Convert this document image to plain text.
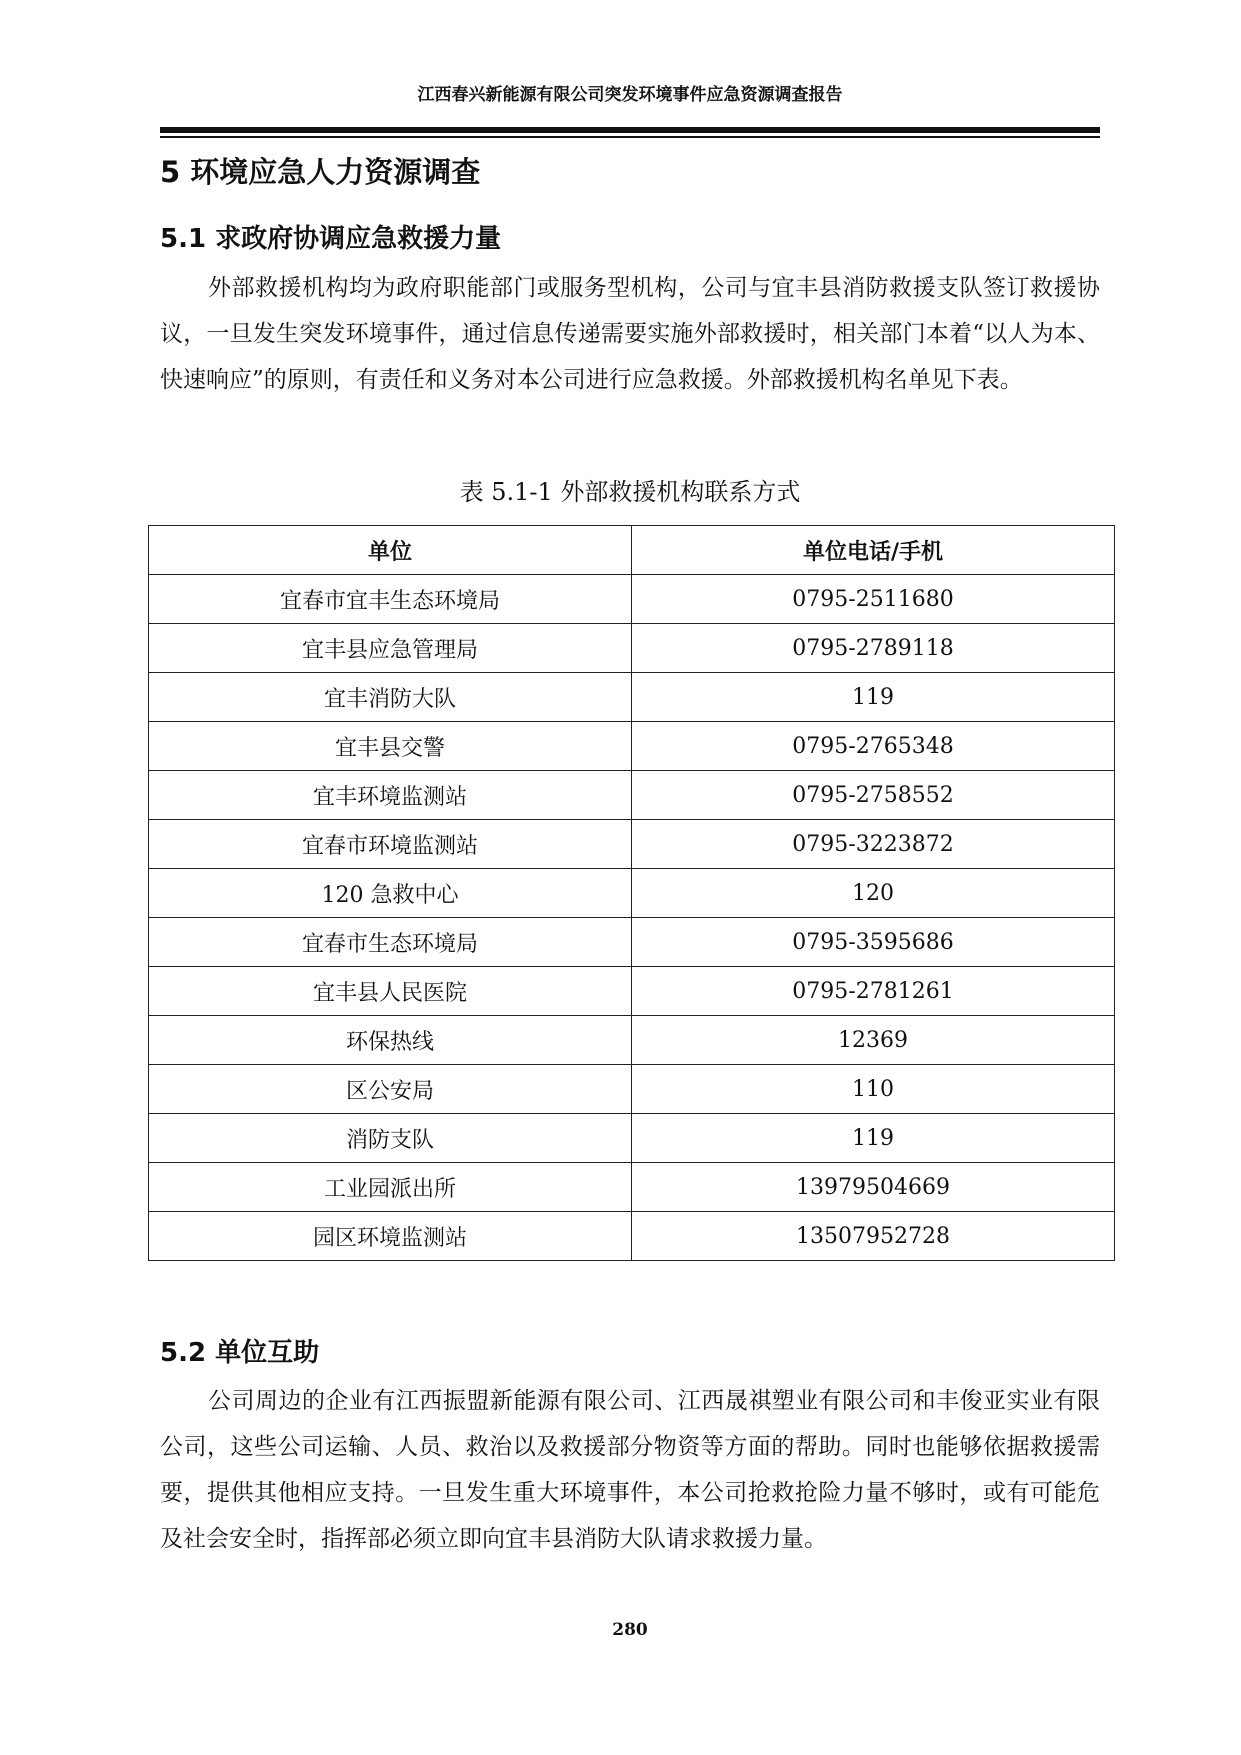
江西春兴新能源有限公司突发环境事件应急资源调查报告
5 环境应急人力资源调查
5.1 求政府协调应急救援力量

外部救援机构均为政府职能部门或服务型机构，公司与宜丰县消防救援支队签订救援协议，一旦发生突发环境事件，通过信息传递需要实施外部救援时，相关部门本着“以人为本、快速响应”的原则，有责任和义务对本公司进行应急救援。外部救援机构名单见下表。

表 5.1-1 外部救援机构联系方式
单位	单位电话/手机
宜春市宜丰生态环境局	0795-2511680
宜丰县应急管理局	0795-2789118
宜丰消防大队	119
宜丰县交警	0795-2765348
宜丰环境监测站	0795-2758552
宜春市环境监测站	0795-3223872
120 急救中心	120
宜春市生态环境局	0795-3595686
宜丰县人民医院	0795-2781261
环保热线	12369
区公安局	110
消防支队	119
工业园派出所	13979504669
园区环境监测站	13507952728
5.2 单位互助

公司周边的企业有江西振盟新能源有限公司、江西晟祺塑业有限公司和丰俊亚实业有限公司，这些公司运输、人员、救治以及救援部分物资等方面的帮助。同时也能够依据救援需要，提供其他相应支持。一旦发生重大环境事件，本公司抢救抢险力量不够时，或有可能危及社会安全时，指挥部必须立即向宜丰县消防大队请求救援力量。

280
